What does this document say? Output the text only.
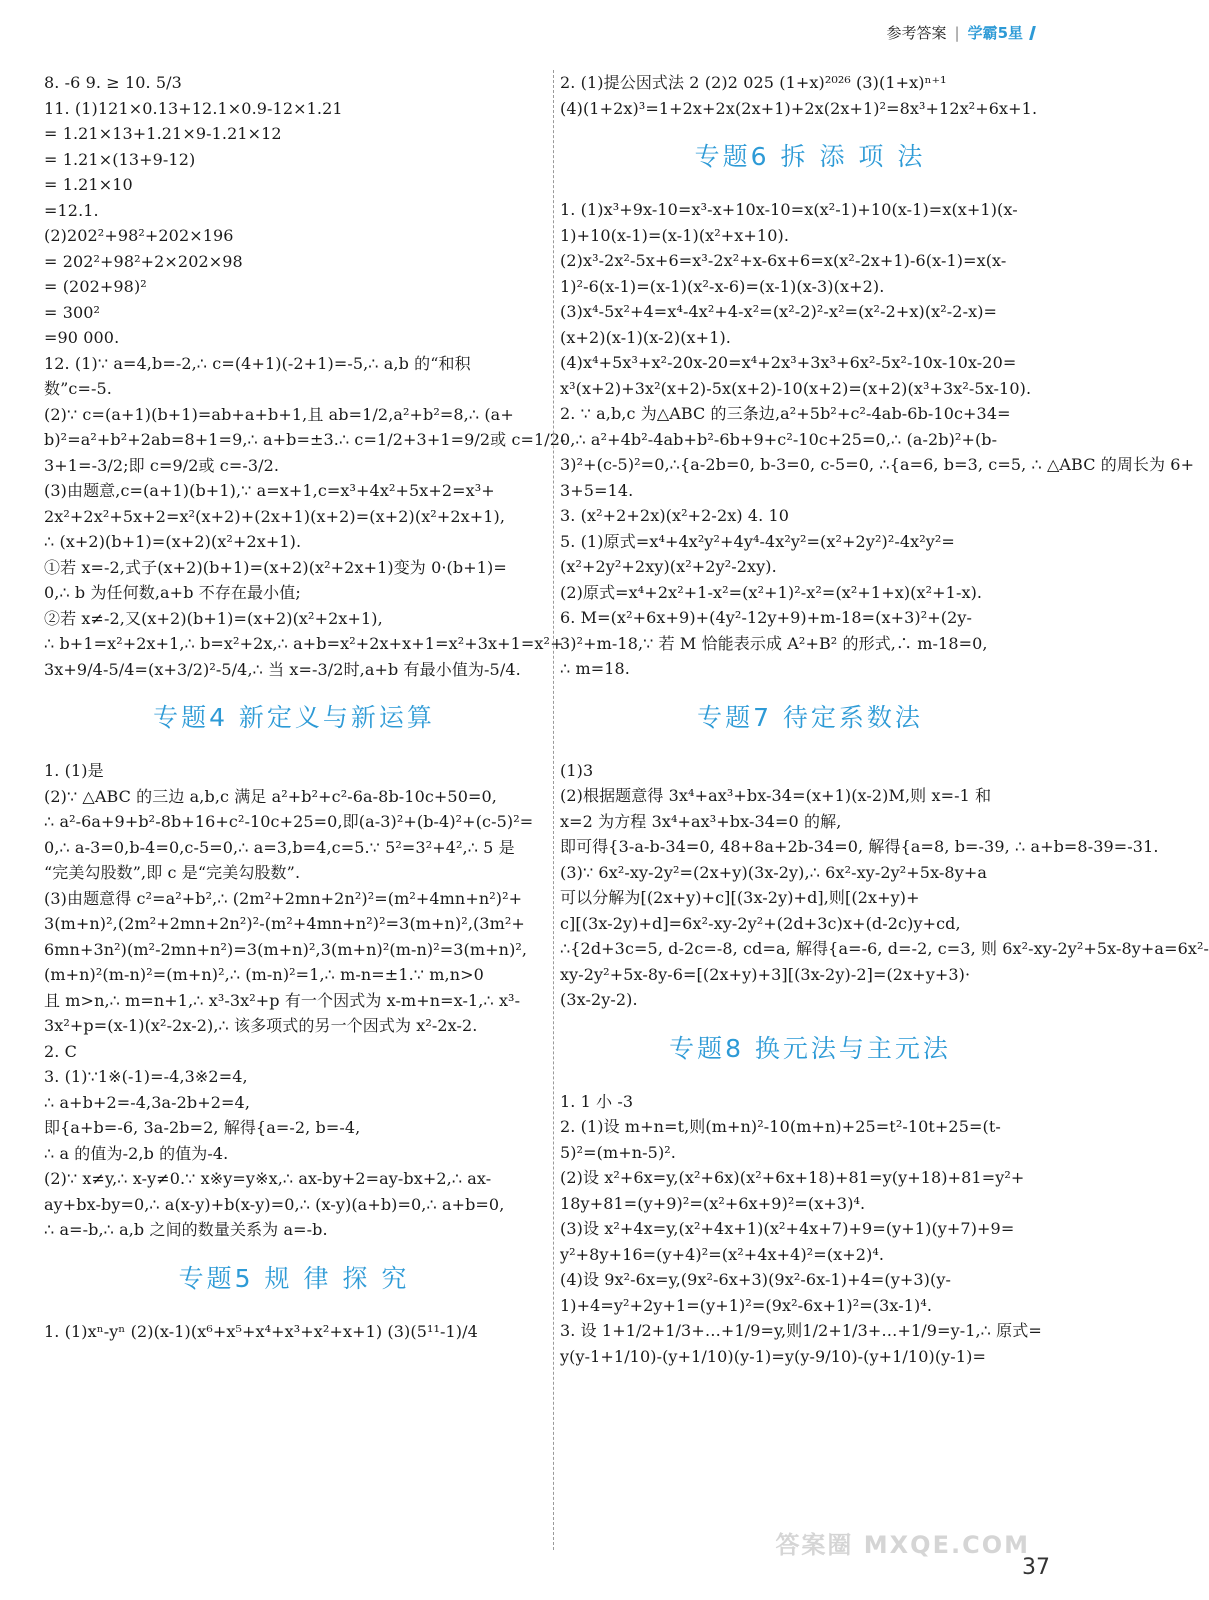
参考答案 | 学霸5星
8. -6 9. ≥ 10. 5/3
11. (1)121×0.13+12.1×0.9-12×1.21
= 1.21×13+1.21×9-1.21×12
= 1.21×(13+9-12)
= 1.21×10
=12.1.
(2)202²+98²+202×196
= 202²+98²+2×202×98
= (202+98)²
= 300²
=90 000.
12. (1)∵ a=4,b=-2,∴ c=(4+1)(-2+1)=-5,∴ a,b 的“和积
数”c=-5.
(2)∵ c=(a+1)(b+1)=ab+a+b+1,且 ab=1/2,a²+b²=8,∴ (a+
b)²=a²+b²+2ab=8+1=9,∴ a+b=±3.∴ c=1/2+3+1=9/2或 c=1/2-
3+1=-3/2;即 c=9/2或 c=-3/2.
(3)由题意,c=(a+1)(b+1),∵ a=x+1,c=x³+4x²+5x+2=x³+
2x²+2x²+5x+2=x²(x+2)+(2x+1)(x+2)=(x+2)(x²+2x+1),
∴ (x+2)(b+1)=(x+2)(x²+2x+1).
①若 x=-2,式子(x+2)(b+1)=(x+2)(x²+2x+1)变为 0·(b+1)=
0,∴ b 为任何数,a+b 不存在最小值;
②若 x≠-2,又(x+2)(b+1)=(x+2)(x²+2x+1),
∴ b+1=x²+2x+1,∴ b=x²+2x,∴ a+b=x²+2x+x+1=x²+3x+1=x²+
3x+9/4-5/4=(x+3/2)²-5/4,∴ 当 x=-3/2时,a+b 有最小值为-5/4.
专题4 新定义与新运算
1. (1)是
(2)∵ △ABC 的三边 a,b,c 满足 a²+b²+c²-6a-8b-10c+50=0,
∴ a²-6a+9+b²-8b+16+c²-10c+25=0,即(a-3)²+(b-4)²+(c-5)²=
0,∴ a-3=0,b-4=0,c-5=0,∴ a=3,b=4,c=5.∵ 5²=3²+4²,∴ 5 是
“完美勾股数”,即 c 是“完美勾股数”.
(3)由题意得 c²=a²+b²,∴ (2m²+2mn+2n²)²=(m²+4mn+n²)²+
3(m+n)²,(2m²+2mn+2n²)²-(m²+4mn+n²)²=3(m+n)²,(3m²+
6mn+3n²)(m²-2mn+n²)=3(m+n)²,3(m+n)²(m-n)²=3(m+n)²,
(m+n)²(m-n)²=(m+n)²,∴ (m-n)²=1,∴ m-n=±1.∵ m,n>0
且 m>n,∴ m=n+1,∴ x³-3x²+p 有一个因式为 x-m+n=x-1,∴ x³-
3x²+p=(x-1)(x²-2x-2),∴ 该多项式的另一个因式为 x²-2x-2.
2. C
3. (1)∵1※(-1)=-4,3※2=4,
∴ a+b+2=-4,3a-2b+2=4,
即{a+b=-6, 3a-2b=2, 解得{a=-2, b=-4,
∴ a 的值为-2,b 的值为-4.
(2)∵ x≠y,∴ x-y≠0.∵ x※y=y※x,∴ ax-by+2=ay-bx+2,∴ ax-
ay+bx-by=0,∴ a(x-y)+b(x-y)=0,∴ (x-y)(a+b)=0,∴ a+b=0,
∴ a=-b,∴ a,b 之间的数量关系为 a=-b.
专题5 规 律 探 究
1. (1)xⁿ-yⁿ (2)(x-1)(x⁶+x⁵+x⁴+x³+x²+x+1) (3)(5¹¹-1)/4
2. (1)提公因式法 2 (2)2 025 (1+x)²⁰²⁶ (3)(1+x)ⁿ⁺¹
(4)(1+2x)³=1+2x+2x(2x+1)+2x(2x+1)²=8x³+12x²+6x+1.
专题6 拆 添 项 法
1. (1)x³+9x-10=x³-x+10x-10=x(x²-1)+10(x-1)=x(x+1)(x-
1)+10(x-1)=(x-1)(x²+x+10).
(2)x³-2x²-5x+6=x³-2x²+x-6x+6=x(x²-2x+1)-6(x-1)=x(x-
1)²-6(x-1)=(x-1)(x²-x-6)=(x-1)(x-3)(x+2).
(3)x⁴-5x²+4=x⁴-4x²+4-x²=(x²-2)²-x²=(x²-2+x)(x²-2-x)=
(x+2)(x-1)(x-2)(x+1).
(4)x⁴+5x³+x²-20x-20=x⁴+2x³+3x³+6x²-5x²-10x-10x-20=
x³(x+2)+3x²(x+2)-5x(x+2)-10(x+2)=(x+2)(x³+3x²-5x-10).
2. ∵ a,b,c 为△ABC 的三条边,a²+5b²+c²-4ab-6b-10c+34=
0,∴ a²+4b²-4ab+b²-6b+9+c²-10c+25=0,∴ (a-2b)²+(b-
3)²+(c-5)²=0,∴{a-2b=0, b-3=0, c-5=0, ∴{a=6, b=3, c=5, ∴ △ABC 的周长为 6+
3+5=14.
3. (x²+2+2x)(x²+2-2x) 4. 10
5. (1)原式=x⁴+4x²y²+4y⁴-4x²y²=(x²+2y²)²-4x²y²=
(x²+2y²+2xy)(x²+2y²-2xy).
(2)原式=x⁴+2x²+1-x²=(x²+1)²-x²=(x²+1+x)(x²+1-x).
6. M=(x²+6x+9)+(4y²-12y+9)+m-18=(x+3)²+(2y-
3)²+m-18,∵ 若 M 恰能表示成 A²+B² 的形式,∴ m-18=0,
∴ m=18.
专题7 待定系数法
(1)3
(2)根据题意得 3x⁴+ax³+bx-34=(x+1)(x-2)M,则 x=-1 和
x=2 为方程 3x⁴+ax³+bx-34=0 的解,
即可得{3-a-b-34=0, 48+8a+2b-34=0, 解得{a=8, b=-39, ∴ a+b=8-39=-31.
(3)∵ 6x²-xy-2y²=(2x+y)(3x-2y),∴ 6x²-xy-2y²+5x-8y+a
可以分解为[(2x+y)+c][(3x-2y)+d],则[(2x+y)+
c][(3x-2y)+d]=6x²-xy-2y²+(2d+3c)x+(d-2c)y+cd,
∴{2d+3c=5, d-2c=-8, cd=a, 解得{a=-6, d=-2, c=3, 则 6x²-xy-2y²+5x-8y+a=6x²-
xy-2y²+5x-8y-6=[(2x+y)+3][(3x-2y)-2]=(2x+y+3)·
(3x-2y-2).
专题8 换元法与主元法
1. 1 小 -3
2. (1)设 m+n=t,则(m+n)²-10(m+n)+25=t²-10t+25=(t-
5)²=(m+n-5)².
(2)设 x²+6x=y,(x²+6x)(x²+6x+18)+81=y(y+18)+81=y²+
18y+81=(y+9)²=(x²+6x+9)²=(x+3)⁴.
(3)设 x²+4x=y,(x²+4x+1)(x²+4x+7)+9=(y+1)(y+7)+9=
y²+8y+16=(y+4)²=(x²+4x+4)²=(x+2)⁴.
(4)设 9x²-6x=y,(9x²-6x+3)(9x²-6x-1)+4=(y+3)(y-
1)+4=y²+2y+1=(y+1)²=(9x²-6x+1)²=(3x-1)⁴.
3. 设 1+1/2+1/3+…+1/9=y,则1/2+1/3+…+1/9=y-1,∴ 原式=
y(y-1+1/10)-(y+1/10)(y-1)=y(y-9/10)-(y+1/10)(y-1)=
答案圈 MXQE.COM
37
